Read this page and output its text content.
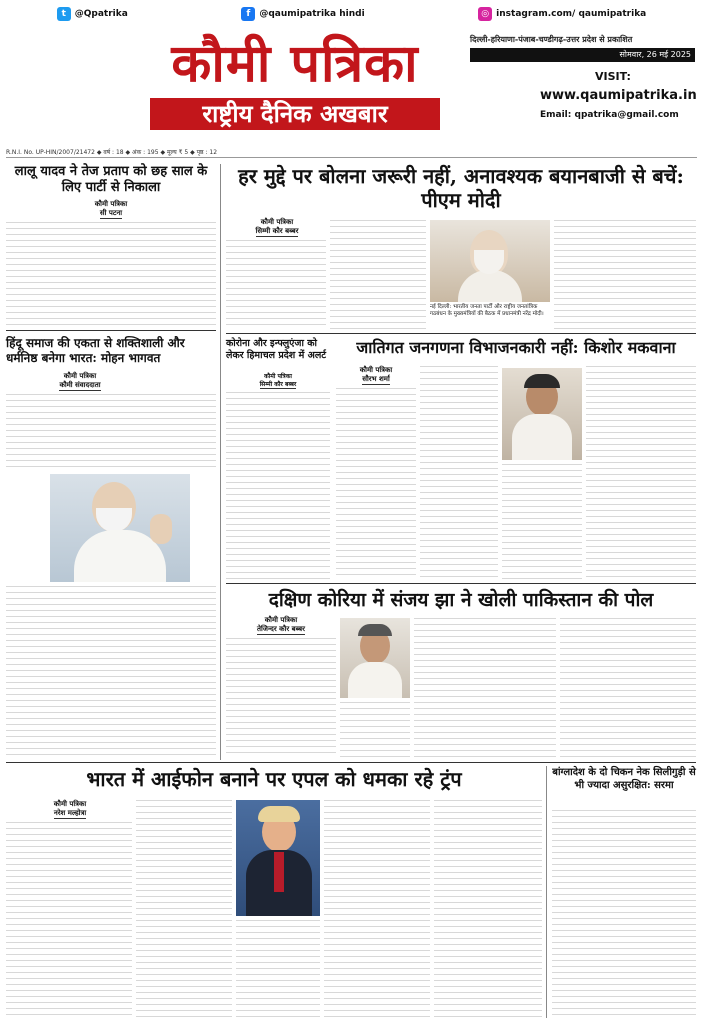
t @Qpatrika	f	@qaumipatrika hindi	◎ instagram.com/ qaumipatrika
कौमी पत्रिका
राष्ट्रीय दैनिक अखबार
दिल्ली-हरियाणा-पंजाब-चण्डीगढ़-उत्तर प्रदेश से प्रकाशित
सोमवार, 26 मई 2025
VISIT:
www.qaumipatrika.in
Email: qpatrika@gmail.com
R.N.I. No. UP-HIN/2007/21472 ◆ वर्ष : 18 ◆ अंक : 195 ◆ मूल्य ₹ 5 ◆ पृष्ठ : 12
लालू यादव ने तेज प्रताप को छह साल के लिए पार्टी से निकाला
कौमी पत्रिका
सी पटना
हर मुद्दे पर बोलना जरूरी नहीं, अनावश्यक बयानबाजी से बचें: पीएम मोदी
कौमी पत्रिका
सिम्मी कौर बब्बर
नई दिल्ली: भारतीय जनता पार्टी और राष्ट्रीय जनतांत्रिक गठबंधन के मुख्यमंत्रियों की बैठक में प्रधानमंत्री नरेंद्र मोदी।
हिंदू समाज की एकता से शक्तिशाली और धर्मनिष्ठ बनेगा भारत: मोहन भागवत
कौमी पत्रिका
कौमी संवाददाता
कोरोना और इन्फ्लुएंजा को लेकर हिमाचल प्रदेश में अलर्ट
कौमी पत्रिका
सिम्मी कौर बब्बर
जातिगत जनगणना विभाजनकारी नहीं: किशोर मकवाना
कौमी पत्रिका
सौरभ शर्मा
दक्षिण कोरिया में संजय झा ने खोली पाकिस्तान की पोल
कौमी पत्रिका
तेजिन्दर कौर बब्बर
भारत में आईफोन बनाने पर एपल को धमका रहे ट्रंप
कौमी पत्रिका
नरेश मल्होत्रा
बांग्लादेश के दो चिकन नेक सिलीगुड़ी से भी ज्यादा असुरक्षित: सरमा
